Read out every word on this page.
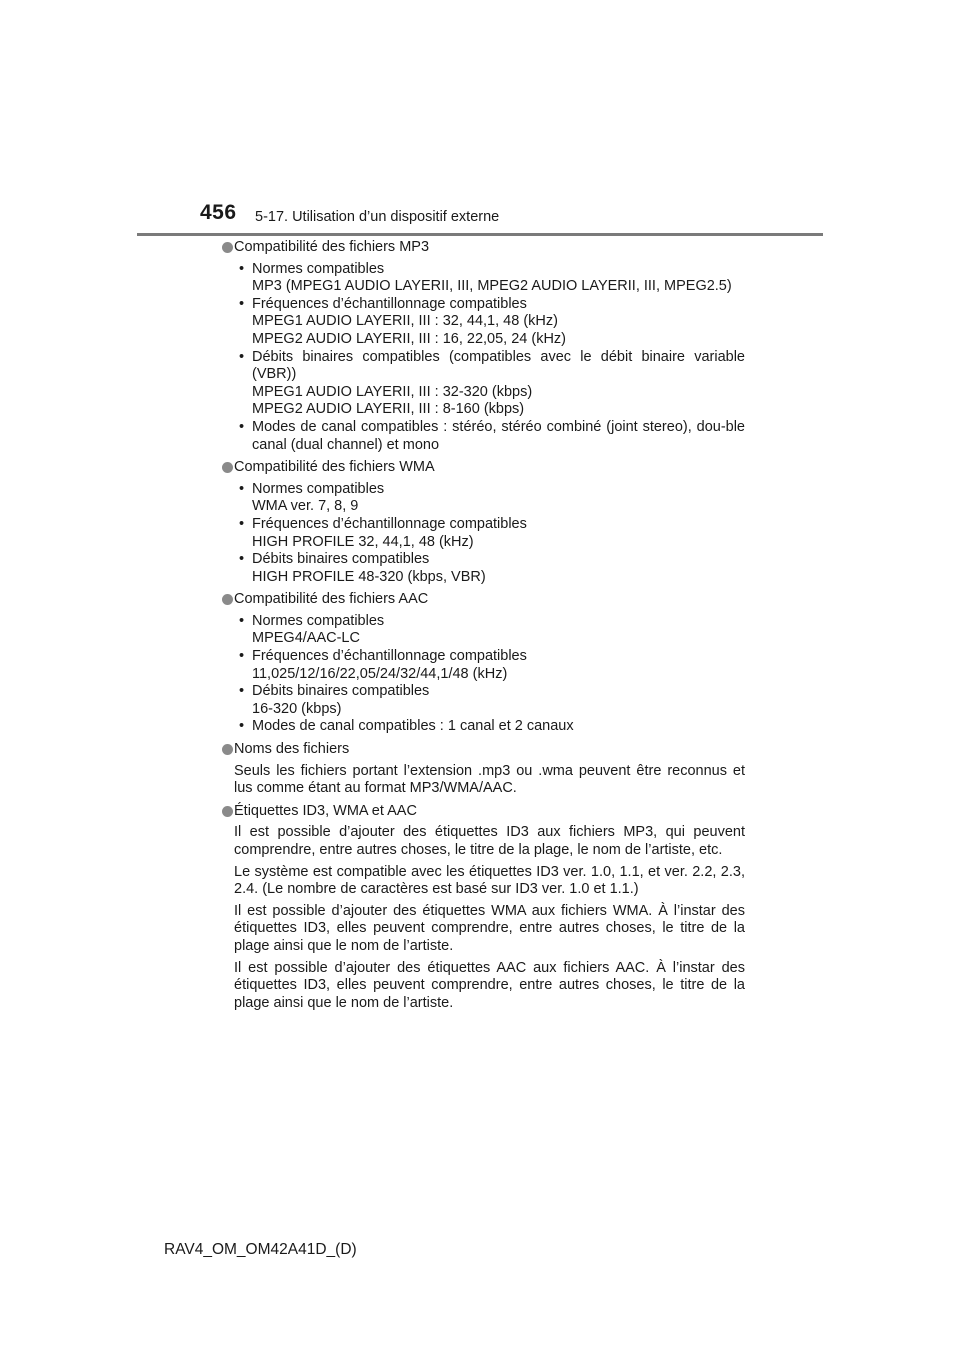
456 5-17. Utilisation d’un dispositif externe
Compatibilité des fichiers MP3
• Normes compatibles
MP3 (MPEG1 AUDIO LAYERII, III, MPEG2 AUDIO LAYERII, III, MPEG2.5)
• Fréquences d’échantillonnage compatibles
MPEG1 AUDIO LAYERII, III : 32, 44,1, 48 (kHz)
MPEG2 AUDIO LAYERII, III : 16, 22,05, 24 (kHz)
• Débits binaires compatibles (compatibles avec le débit binaire variable (VBR))
MPEG1 AUDIO LAYERII, III : 32-320 (kbps)
MPEG2 AUDIO LAYERII, III : 8-160 (kbps)
• Modes de canal compatibles : stéréo, stéréo combiné (joint stereo), dou-ble canal (dual channel) et mono
Compatibilité des fichiers WMA
• Normes compatibles
WMA ver. 7, 8, 9
• Fréquences d’échantillonnage compatibles
HIGH PROFILE 32, 44,1, 48 (kHz)
• Débits binaires compatibles
HIGH PROFILE 48-320 (kbps, VBR)
Compatibilité des fichiers AAC
• Normes compatibles
MPEG4/AAC-LC
• Fréquences d’échantillonnage compatibles
11,025/12/16/22,05/24/32/44,1/48 (kHz)
• Débits binaires compatibles
16-320 (kbps)
• Modes de canal compatibles : 1 canal et 2 canaux
Noms des fichiers
Seuls les fichiers portant l’extension .mp3 ou .wma peuvent être reconnus et lus comme étant au format MP3/WMA/AAC.
Étiquettes ID3, WMA et AAC
Il est possible d’ajouter des étiquettes ID3 aux fichiers MP3, qui peuvent comprendre, entre autres choses, le titre de la plage, le nom de l’artiste, etc.
Le système est compatible avec les étiquettes ID3 ver. 1.0, 1.1, et ver. 2.2, 2.3, 2.4. (Le nombre de caractères est basé sur ID3 ver. 1.0 et 1.1.)
Il est possible d’ajouter des étiquettes WMA aux fichiers WMA. À l’instar des étiquettes ID3, elles peuvent comprendre, entre autres choses, le titre de la plage ainsi que le nom de l’artiste.
Il est possible d’ajouter des étiquettes AAC aux fichiers AAC. À l’instar des étiquettes ID3, elles peuvent comprendre, entre autres choses, le titre de la plage ainsi que le nom de l’artiste.
RAV4_OM_OM42A41D_(D)
